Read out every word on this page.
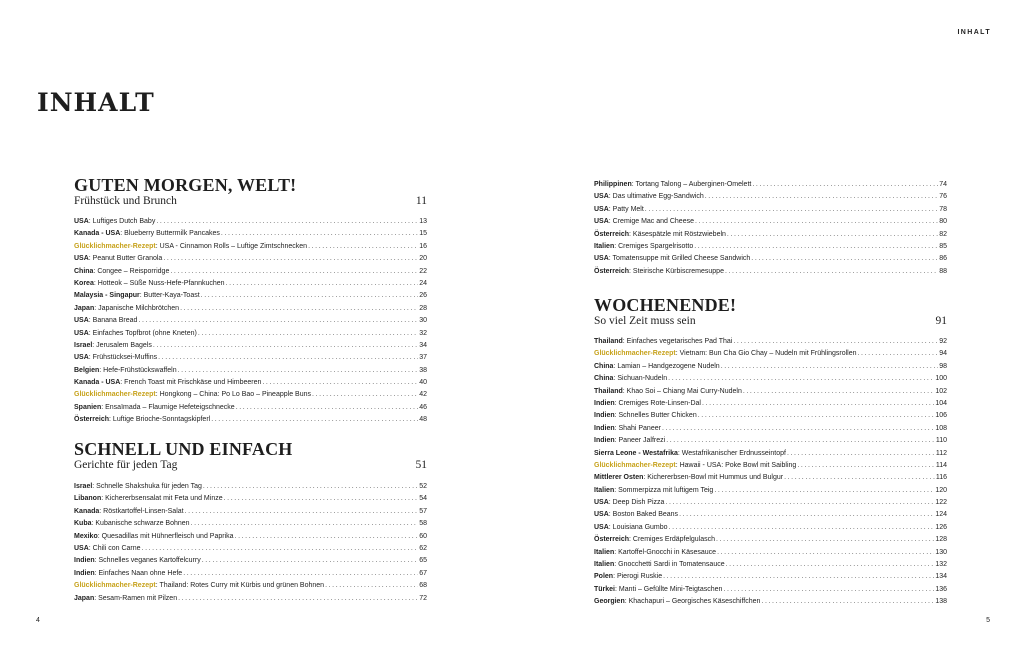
INHALT
INHALT
4	5
GUTEN MORGEN, WELT!
Frühstück und Brunch	11
USA : Luftiges Dutch Baby .....	13
Kanada - USA : Blueberry Buttermilk Pancakes .....	15
Glücklichmacher-Rezept : USA - Cinnamon Rolls – Luftige Zimtschnecken .....	16
USA : Peanut Butter Granola .....	20
China : Congee – Reisporridge .....	22
Korea : Hotteok – Süße Nuss-Hefe-Pfannkuchen .....	24
Malaysia - Singapur : Butter-Kaya-Toast .....	26
Japan : Japanische Milchbrötchen .....	28
USA : Banana Bread .....	30
USA : Einfaches Topfbrot (ohne Kneten) .....	32
Israel : Jerusalem Bagels .....	34
USA : Frühstücksei-Muffins .....	37
Belgien : Hefe-Frühstückswaffeln .....	38
Kanada - USA : French Toast mit Frischkäse und Himbeeren .....	40
Glücklichmacher-Rezept : Hongkong – China: Po Lo Bao – Pineapple Buns .....	42
Spanien : Ensaïmada – Flaumige Hefeteigschnecke .....	46
Österreich : Luftige Brioche-Sonntagskipferl .....	48
SCHNELL UND EINFACH
Gerichte für jeden Tag	51
Israel : Schnelle Shakshuka für jeden Tag .....	52
Libanon : Kichererbsensalat mit Feta und Minze .....	54
Kanada : Röstkartoffel-Linsen-Salat .....	57
Kuba : Kubanische schwarze Bohnen .....	58
Mexiko : Quesadillas mit Hühnerfleisch und Paprika .....	60
USA : Chili con Carne .....	62
Indien : Schnelles veganes Kartoffelcurry .....	65
Indien : Einfaches Naan ohne Hefe .....	67
Glücklichmacher-Rezept : Thailand: Rotes Curry mit Kürbis und grünen Bohnen .....	68
Japan : Sesam-Ramen mit Pilzen .....	72
Philippinen : Tortang Talong – Auberginen-Omelett .....	74
USA : Das ultimative Egg-Sandwich .....	76
USA : Patty Melt .....	78
USA : Cremige Mac and Cheese .....	80
Österreich : Käsespätzle mit Röstzwiebeln .....	82
Italien : Cremiges Spargelrisotto .....	85
USA : Tomatensuppe mit Grilled Cheese Sandwich .....	86
Österreich : Steirische Kürbiscremesuppe .....	88
WOCHENENDE!
So viel Zeit muss sein	91
Thailand : Einfaches vegetarisches Pad Thai .....	92
Glücklichmacher-Rezept : Vietnam: Bun Cha Gio Chay – Nudeln mit Frühlingsrollen .....	94
China : Lamian – Handgezogene Nudeln .....	98
China : Sichuan-Nudeln .....	100
Thailand : Khao Soi – Chiang Mai Curry-Nudeln .....	102
Indien : Cremiges Rote-Linsen-Dal .....	104
Indien : Schnelles Butter Chicken .....	106
Indien : Shahi Paneer .....	108
Indien : Paneer Jalfrezi .....	110
Sierra Leone - Westafrika : Westafrikanischer Erdnusseintopf .....	112
Glücklichmacher-Rezept : Hawaii - USA: Poke Bowl mit Saibling .....	114
Mittlerer Osten : Kichererbsen-Bowl mit Hummus und Bulgur .....	116
Italien : Sommerpizza mit luftigem Teig .....	120
USA : Deep Dish Pizza .....	122
USA : Boston Baked Beans .....	124
USA : Louisiana Gumbo .....	126
Österreich : Cremiges Erdäpfelgulasch .....	128
Italien : Kartoffel-Gnocchi in Käsesauce .....	130
Italien : Gnocchetti Sardi in Tomatensauce .....	132
Polen : Pierogi Ruskie .....	134
Türkei : Manti – Gefüllte Mini-Teigtaschen .....	136
Georgien : Khachapuri – Georgisches Käseschiffchen .....	138
